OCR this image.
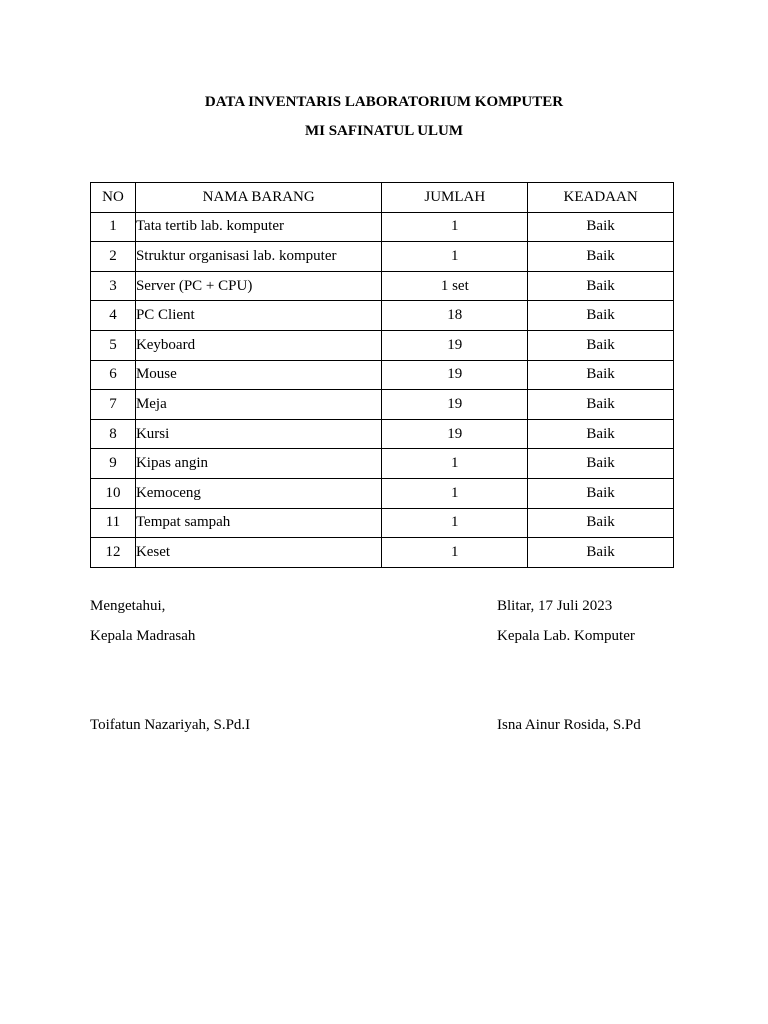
DATA INVENTARIS LABORATORIUM KOMPUTER
MI SAFINATUL ULUM
NO	NAMA BARANG	JUMLAH	KEADAAN
1	Tata tertib lab. komputer	1	Baik
2	Struktur organisasi lab. komputer	1	Baik
3	Server (PC + CPU)	1 set	Baik
4	PC Client	18	Baik
5	Keyboard	19	Baik
6	Mouse	19	Baik
7	Meja	19	Baik
8	Kursi	19	Baik
9	Kipas angin	1	Baik
10	Kemoceng	1	Baik
11	Tempat sampah	1	Baik
12	Keset	1	Baik
Mengetahui,
Kepala Madrasah
Toifatun Nazariyah, S.Pd.I
Blitar, 17 Juli 2023
Kepala Lab. Komputer
Isna Ainur Rosida, S.Pd
